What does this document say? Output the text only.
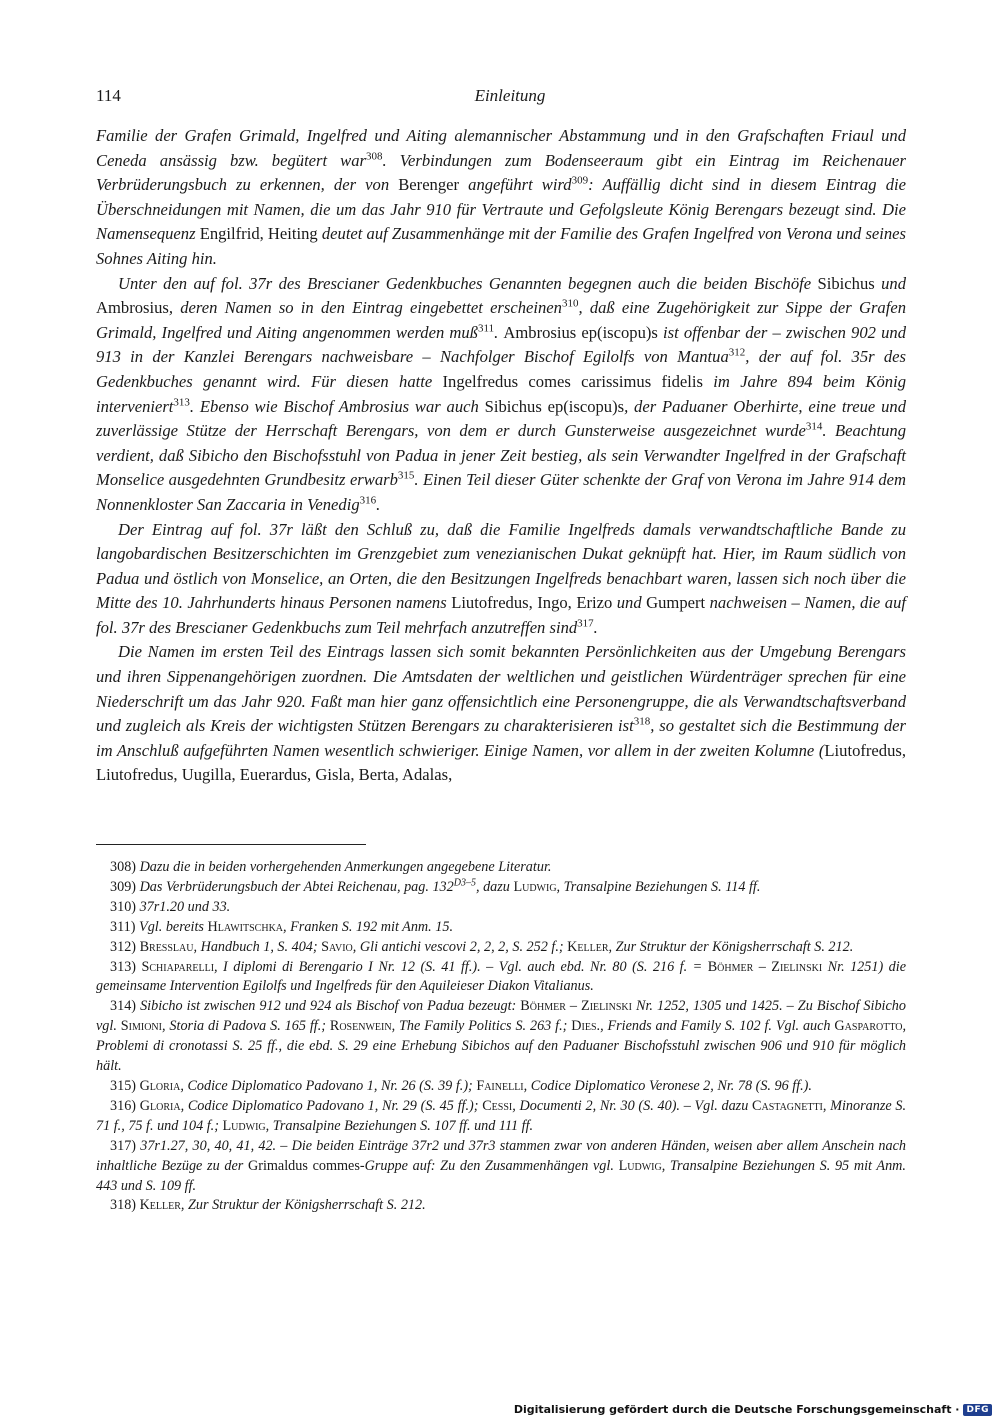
114	Einleitung

Familie der Grafen Grimald, Ingelfred und Aiting alemannischer Abstammung und in den Grafschaften Friaul und Ceneda ansässig bzw. begütert war$^{308}$. Verbindungen zum Bodenseeraum gibt ein Eintrag im Reichenauer Verbrüderungsbuch zu erkennen, der von Berenger angeführt wird$^{309}$: Auffällig dicht sind in diesem Eintrag die Überschneidungen mit Namen, die um das Jahr 910 für Vertraute und Gefolgsleute König Berengars bezeugt sind. Die Namensequenz Engilfrid, Heiting deutet auf Zusammenhänge mit der Familie des Grafen Ingelfred von Verona und seines Sohnes Aiting hin.

Unter den auf fol. 37r des Brescianer Gedenkbuches Genannten begegnen auch die beiden Bischöfe Sibichus und Ambrosius, deren Namen so in den Eintrag eingebettet erscheinen$^{310}$, daß eine Zugehörigkeit zur Sippe der Grafen Grimald, Ingelfred und Aiting angenommen werden muß$^{311}$. Ambrosius ep(iscopu)s ist offenbar der – zwischen 902 und 913 in der Kanzlei Berengars nachweisbare – Nachfolger Bischof Egilolfs von Mantua$^{312}$, der auf fol. 35r des Gedenkbuches genannt wird. Für diesen hatte Ingelfredus comes carissimus fidelis im Jahre 894 beim König interveniert$^{313}$. Ebenso wie Bischof Ambrosius war auch Sibichus ep(iscopu)s, der Paduaner Oberhirte, eine treue und zuverlässige Stütze der Herrschaft Berengars, von dem er durch Gunsterweise ausgezeichnet wurde$^{314}$. Beachtung verdient, daß Sibicho den Bischofsstuhl von Padua in jener Zeit bestieg, als sein Verwandter Ingelfred in der Grafschaft Monselice ausgedehnten Grundbesitz erwarb$^{315}$. Einen Teil dieser Güter schenkte der Graf von Verona im Jahre 914 dem Nonnenkloster San Zaccaria in Venedig$^{316}$.

Der Eintrag auf fol. 37r läßt den Schluß zu, daß die Familie Ingelfreds damals verwandtschaftliche Bande zu langobardischen Besitzerschichten im Grenzgebiet zum venezianischen Dukat geknüpft hat. Hier, im Raum südlich von Padua und östlich von Monselice, an Orten, die den Besitzungen Ingelfreds benachbart waren, lassen sich noch über die Mitte des 10. Jahrhunderts hinaus Personen namens Liutofredus, Ingo, Erizo und Gumpert nachweisen – Namen, die auf fol. 37r des Brescianer Gedenkbuchs zum Teil mehrfach anzutreffen sind$^{317}$.

Die Namen im ersten Teil des Eintrags lassen sich somit bekannten Persönlichkeiten aus der Umgebung Berengars und ihren Sippenangehörigen zuordnen. Die Amtsdaten der weltlichen und geistlichen Würdenträger sprechen für eine Niederschrift um das Jahr 920. Faßt man hier ganz offensichtlich eine Personengruppe, die als Verwandtschaftsverband und zugleich als Kreis der wichtigsten Stützen Berengars zu charakterisieren ist$^{318}$, so gestaltet sich die Bestimmung der im Anschluß aufgeführten Namen wesentlich schwieriger. Einige Namen, vor allem in der zweiten Kolumne (Liutofredus, Liutofredus, Uugilla, Euerardus, Gisla, Berta, Adalas,

308) Dazu die in beiden vorhergehenden Anmerkungen angegebene Literatur.

309) Das Verbrüderungsbuch der Abtei Reichenau, pag. $132^{D3-5}$, dazu Ludwig, Transalpine Beziehungen S. 114 ff.

310) 37r1.20 und 33.

311) Vgl. bereits Hlawitschka, Franken S. 192 mit Anm. 15.

312) Bresslau, Handbuch 1, S. 404; Savio, Gli antichi vescovi 2, 2, 2, S. 252 f.; Keller, Zur Struktur der Königsherrschaft S. 212.

313) Schiaparelli, I diplomi di Berengario I Nr. 12 (S. 41 ff.). – Vgl. auch ebd. Nr. 80 (S. 216 f. = Böhmer – Zielinski Nr. 1251) die gemeinsame Intervention Egilolfs und Ingelfreds für den Aquileieser Diakon Vitalianus.

314) Sibicho ist zwischen 912 und 924 als Bischof von Padua bezeugt: Böhmer – Zielinski Nr. 1252, 1305 und 1425. – Zu Bischof Sibicho vgl. Simioni, Storia di Padova S. 165 ff.; Rosenwein, The Family Politics S. 263 f.; Dies., Friends and Family S. 102 f. Vgl. auch Gasparotto, Problemi di cronotassi S. 25 ff., die ebd. S. 29 eine Erhebung Sibichos auf den Paduaner Bischofsstuhl zwischen 906 und 910 für möglich hält.

315) Gloria, Codice Diplomatico Padovano 1, Nr. 26 (S. 39 f.); Fainelli, Codice Diplomatico Veronese 2, Nr. 78 (S. 96 ff.).

316) Gloria, Codice Diplomatico Padovano 1, Nr. 29 (S. 45 ff.); Cessi, Documenti 2, Nr. 30 (S. 40). – Vgl. dazu Castagnetti, Minoranze S. 71 f., 75 f. und 104 f.; Ludwig, Transalpine Beziehungen S. 107 ff. und 111 ff.

317) 37r1.27, 30, 40, 41, 42. – Die beiden Einträge 37r2 und 37r3 stammen zwar von anderen Händen, weisen aber allem Anschein nach inhaltliche Bezüge zu der Grimaldus commes-Gruppe auf: Zu den Zusammenhängen vgl. Ludwig, Transalpine Beziehungen S. 95 mit Anm. 443 und S. 109 ff.

318) Keller, Zur Struktur der Königsherrschaft S. 212.

Digitalisierung gefördert durch die Deutsche Forschungsgemeinschaft · DFG
